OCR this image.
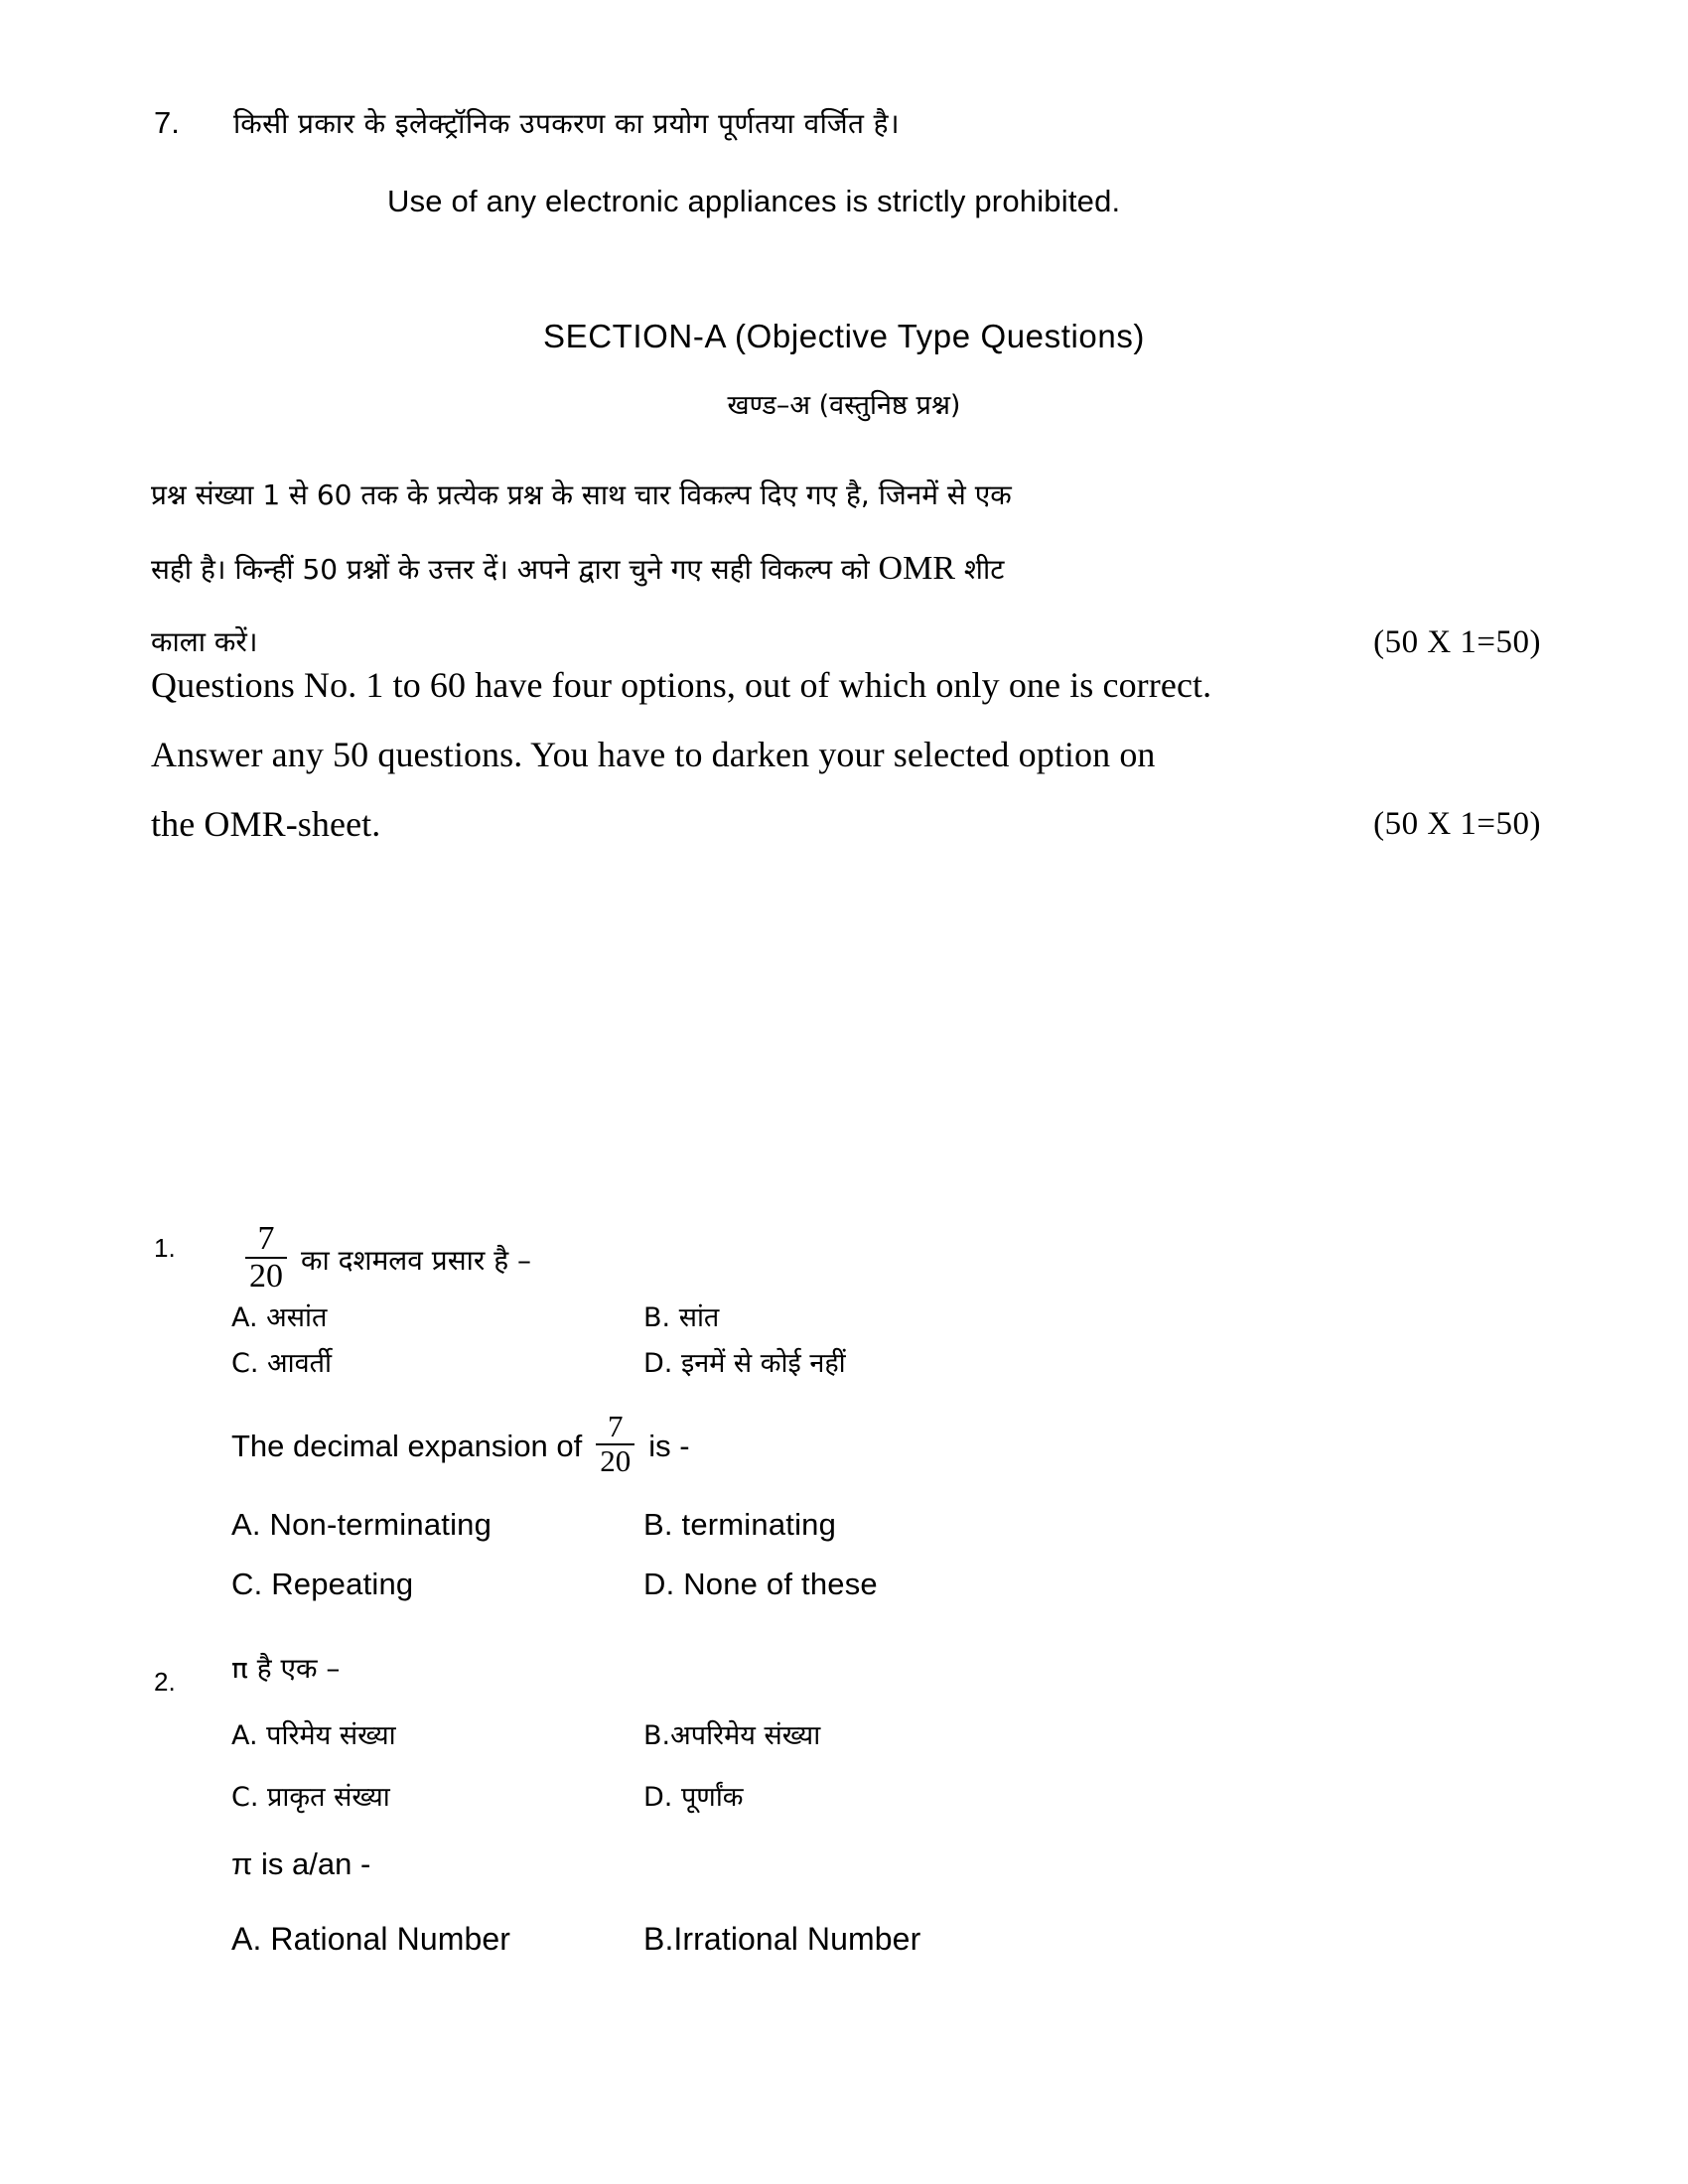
7.	किसी प्रकार के इलेक्ट्रॉनिक उपकरण का प्रयोग पूर्णतया वर्जित है।
Use of any electronic appliances is strictly prohibited.
SECTION-A (Objective Type Questions)
खण्ड–अ (वस्तुनिष्ठ प्रश्न)
प्रश्न संख्या 1 से 60 तक के प्रत्येक प्रश्न के साथ चार विकल्प दिए गए है, जिनमें से एक
सही है। किन्हीं 50 प्रश्नों के उत्तर दें। अपने द्वारा चुने गए सही विकल्प को OMR शीट
काला करें।	(50 X 1=50)
Questions No. 1 to 60 have four options, out of which only one is correct.
Answer any 50 questions. You have to darken your selected option on
the OMR-sheet.	(50 X 1=50)
1.	$\frac{7}{20}$ का दशमलव प्रसार है –
A. असांत	B. सांत
C. आवर्ती	D. इनमें से कोई नहीं
The decimal expansion of $\frac{7}{20}$ is -
A. Non-terminating	B. terminating
C. Repeating	D. None of these
2.	π है एक –
A. परिमेय संख्या	B.अपरिमेय संख्या
C. प्राकृत संख्या	D. पूर्णांक
π is a/an -
A. Rational Number	B.Irrational Number
